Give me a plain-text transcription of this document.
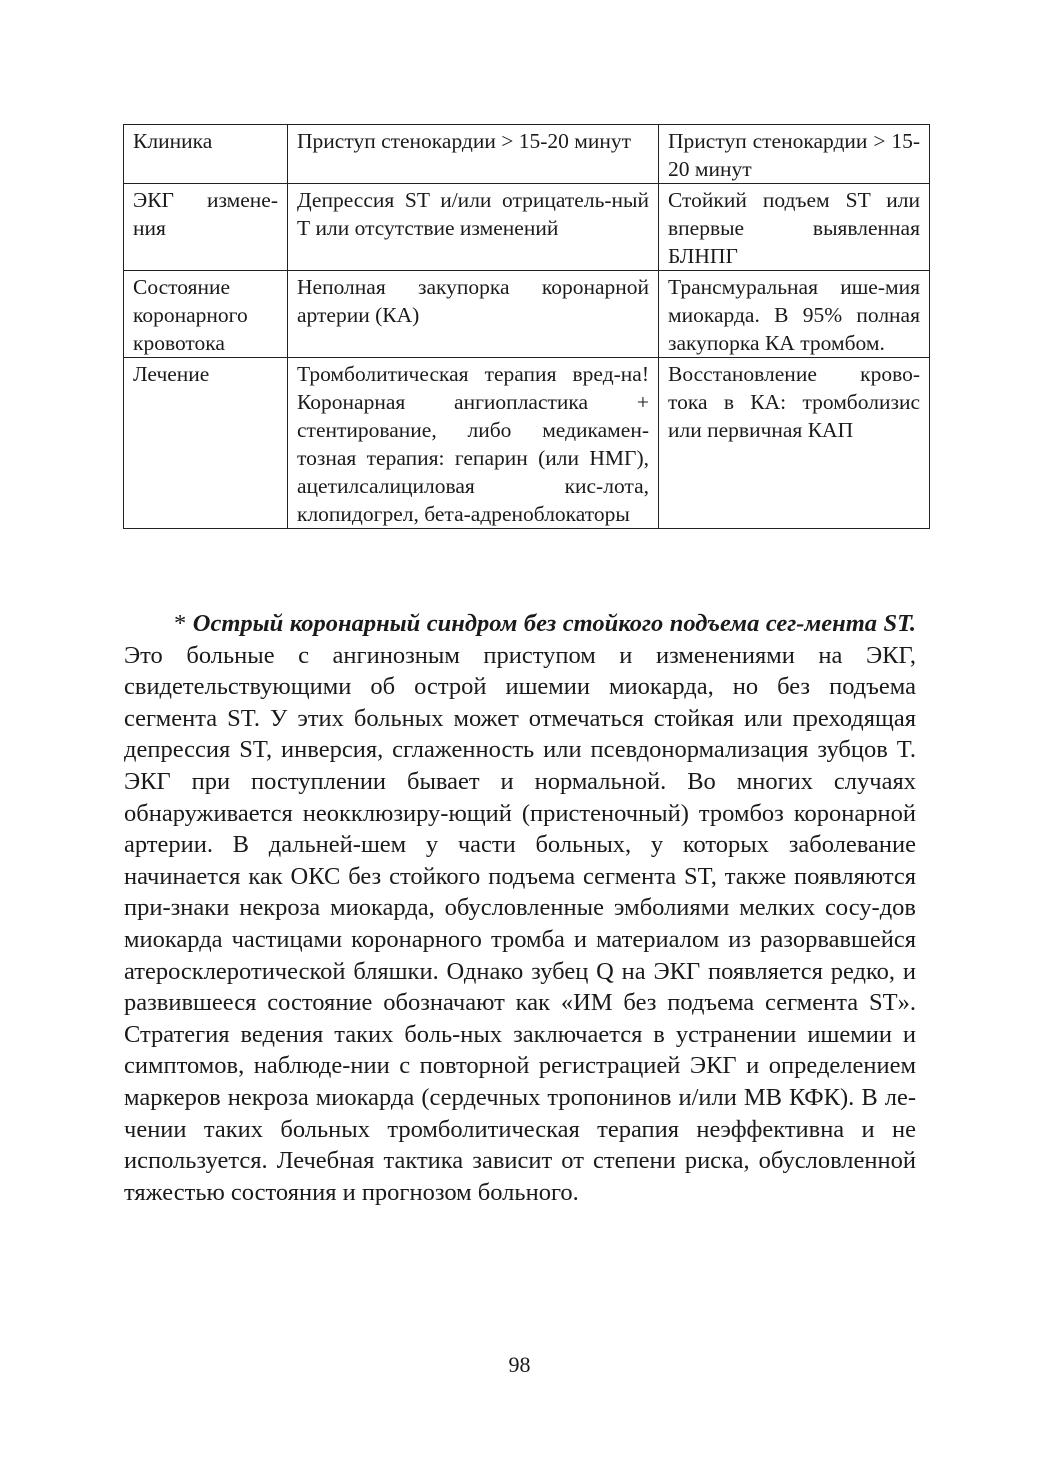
Клиника	Приступ стенокардии > 15-20 минут	Приступ стенокардии > 15-20 минут
ЭКГ измене-ния	Депрессия ST и/или отрицатель-ный Т или отсутствие изменений	Стойкий подъем ST или впервые выявленная БЛНПГ
Состояние коронарного кровотока	Неполная закупорка коронарной артерии (КА)	Трансмуральная ише-мия миокарда. В 95% полная закупорка КА тромбом.
Лечение	Тромболитическая терапия вред-на! Коронарная ангиопластика + стентирование, либо медикамен-тозная терапия: гепарин (или НМГ), ацетилсалициловая кис-лота, клопидогрел, бета-адреноблокаторы	Восстановление крово-тока в КА: тромболизис или первичная КАП

* Острый коронарный синдром без стойкого подъема сег-мента ST. Это больные с ангинозным приступом и изменениями на ЭКГ, свидетельствующими об острой ишемии миокарда, но без подъема сегмента ST. У этих больных может отмечаться стойкая или преходящая депрессия ST, инверсия, сглаженность или псевдонормализация зубцов T. ЭКГ при поступлении бывает и нормальной. Во многих случаях обнаруживается неокклюзиру-ющий (пристеночный) тромбоз коронарной артерии. В дальней-шем у части больных, у которых заболевание начинается как ОКС без стойкого подъема сегмента ST, также появляются при-знаки некроза миокарда, обусловленные эмболиями мелких сосу-дов миокарда частицами коронарного тромба и материалом из разорвавшейся атеросклеротической бляшки. Однако зубец Q на ЭКГ появляется редко, и развившееся состояние обозначают как «ИМ без подъема сегмента ST». Стратегия ведения таких боль-ных заключается в устранении ишемии и симптомов, наблюде-нии с повторной регистрацией ЭКГ и определением маркеров некроза миокарда (сердечных тропонинов и/или МВ КФК). В ле-чении таких больных тромболитическая терапия неэффективна и не используется. Лечебная тактика зависит от степени риска, обусловленной тяжестью состояния и прогнозом больного.

98
